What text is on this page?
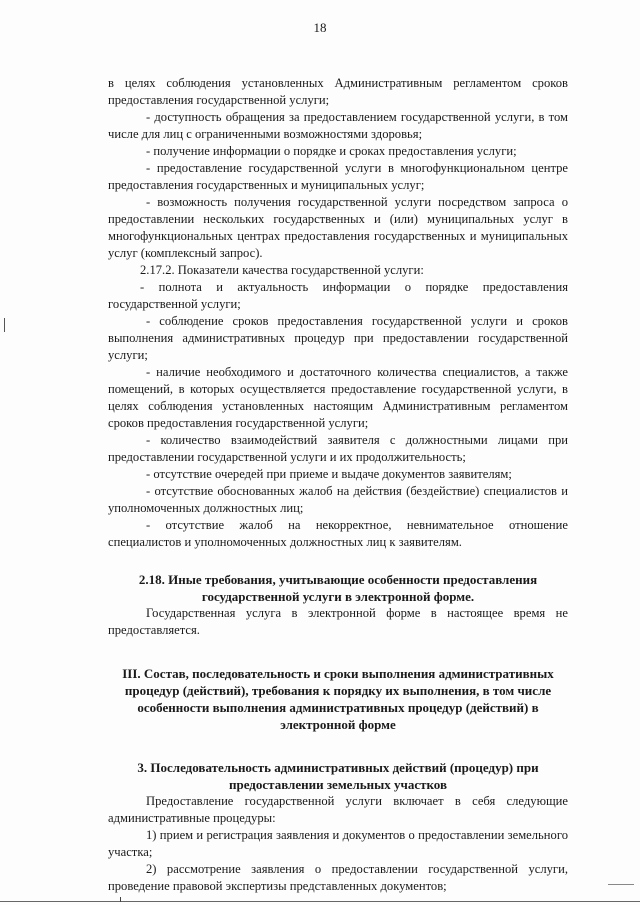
18

в целях соблюдения установленных Административным регламентом сроков предоставления государственной услуги;

- доступность обращения за предоставлением государственной услуги, в том числе для лиц с ограниченными возможностями здоровья;

- получение информации о порядке и сроках предоставления услуги;

- предоставление государственной услуги в многофункциональном центре предоставления государственных и муниципальных услуг;

- возможность получения государственной услуги посредством запроса о предоставлении нескольких государственных и (или) муниципальных услуг в многофункциональных центрах предоставления государственных и муниципальных услуг (комплексный запрос).

2.17.2. Показатели качества государственной услуги:

- полнота и актуальность информации о порядке предоставления государственной услуги;

- соблюдение сроков предоставления государственной услуги и сроков выполнения административных процедур при предоставлении государственной услуги;

- наличие необходимого и достаточного количества специалистов, а также помещений, в которых осуществляется предоставление государственной услуги, в целях соблюдения установленных настоящим Административным регламентом сроков предоставления государственной услуги;

- количество взаимодействий заявителя с должностными лицами при предоставлении государственной услуги и их продолжительность;

- отсутствие очередей при приеме и выдаче документов заявителям;

- отсутствие обоснованных жалоб на действия (бездействие) специалистов и уполномоченных должностных лиц;

- отсутствие жалоб на некорректное, невнимательное отношение специалистов и уполномоченных должностных лиц к заявителям.

2.18. Иные требования, учитывающие особенности предоставления государственной услуги в электронной форме.

Государственная услуга в электронной форме в настоящее время не предоставляется.

III. Состав, последовательность и сроки выполнения административных процедур (действий), требования к порядку их выполнения, в том числе особенности выполнения административных процедур (действий) в электронной форме
3. Последовательность административных действий (процедур) при предоставлении земельных участков

Предоставление государственной услуги включает в себя следующие административные процедуры:

1) прием и регистрация заявления и документов о предоставлении земельного участка;

2) рассмотрение заявления о предоставлении государственной услуги, проведение правовой экспертизы представленных документов;
